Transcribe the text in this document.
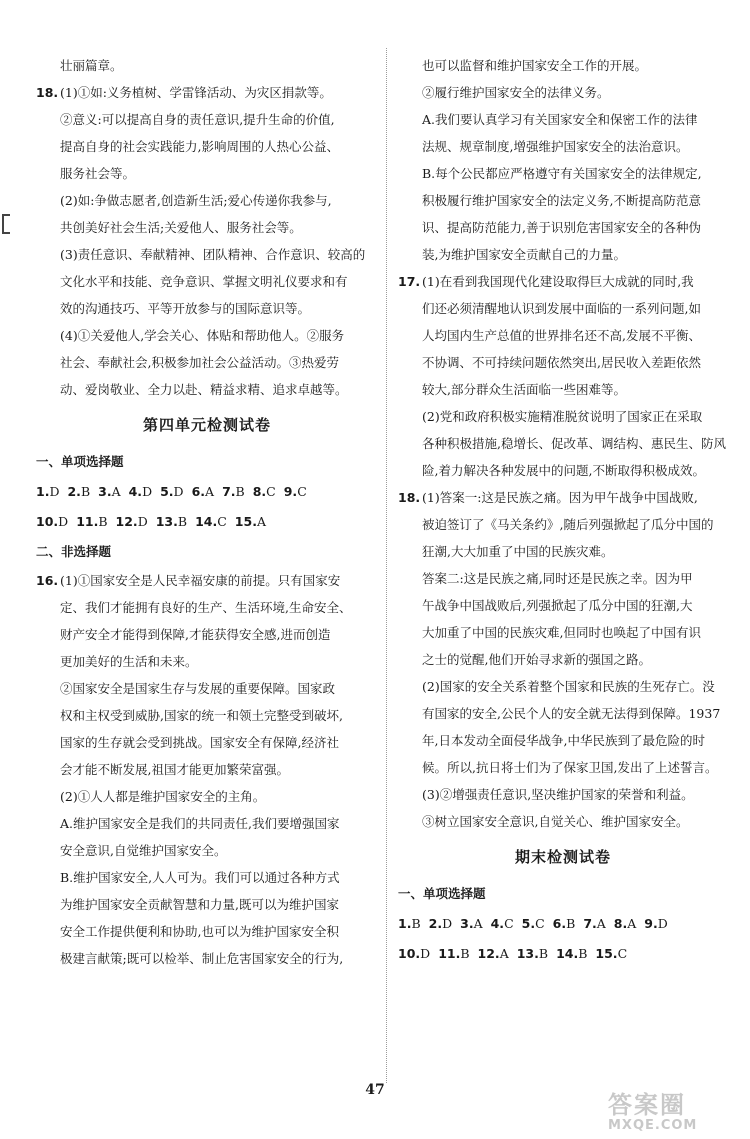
壮丽篇章。
18. (1)①如:义务植树、学雷锋活动、为灾区捐款等。
②意义:可以提高自身的责任意识,提升生命的价值,
提高自身的社会实践能力,影响周围的人热心公益、
服务社会等。
(2)如:争做志愿者,创造新生活;爱心传递你我参与,
共创美好社会生活;关爱他人、服务社会等。
(3)责任意识、奉献精神、团队精神、合作意识、较高的
文化水平和技能、竞争意识、掌握文明礼仪要求和有
效的沟通技巧、平等开放参与的国际意识等。
(4)①关爱他人,学会关心、体贴和帮助他人。②服务
社会、奉献社会,积极参加社会公益活动。③热爱劳
动、爱岗敬业、全力以赴、精益求精、追求卓越等。
第四单元检测试卷
一、单项选择题
1.D 2.B 3.A 4.D 5.D 6.A 7.B 8.C 9.C
10.D 11.B 12.D 13.B 14.C 15.A
二、非选择题
16. (1)①国家安全是人民幸福安康的前提。只有国家安
定、我们才能拥有良好的生产、生活环境,生命安全、
财产安全才能得到保障,才能获得安全感,进而创造
更加美好的生活和未来。
②国家安全是国家生存与发展的重要保障。国家政
权和主权受到威胁,国家的统一和领土完整受到破坏,
国家的生存就会受到挑战。国家安全有保障,经济社
会才能不断发展,祖国才能更加繁荣富强。
(2)①人人都是维护国家安全的主角。
A.维护国家安全是我们的共同责任,我们要增强国家
安全意识,自觉维护国家安全。
B.维护国家安全,人人可为。我们可以通过各种方式
为维护国家安全贡献智慧和力量,既可以为维护国家
安全工作提供便利和协助,也可以为维护国家安全积
极建言献策;既可以检举、制止危害国家安全的行为,
也可以监督和维护国家安全工作的开展。
②履行维护国家安全的法律义务。
A.我们要认真学习有关国家安全和保密工作的法律
法规、规章制度,增强维护国家安全的法治意识。
B.每个公民都应严格遵守有关国家安全的法律规定,
积极履行维护国家安全的法定义务,不断提高防范意
识、提高防范能力,善于识别危害国家安全的各种伪
装,为维护国家安全贡献自己的力量。
17. (1)在看到我国现代化建设取得巨大成就的同时,我
们还必须清醒地认识到发展中面临的一系列问题,如
人均国内生产总值的世界排名还不高,发展不平衡、
不协调、不可持续问题依然突出,居民收入差距依然
较大,部分群众生活面临一些困难等。
(2)党和政府积极实施精准脱贫说明了国家正在采取
各种积极措施,稳增长、促改革、调结构、惠民生、防风
险,着力解决各种发展中的问题,不断取得积极成效。
18. (1)答案一:这是民族之痛。因为甲午战争中国战败,
被迫签订了《马关条约》,随后列强掀起了瓜分中国的
狂潮,大大加重了中国的民族灾难。
答案二:这是民族之痛,同时还是民族之幸。因为甲
午战争中国战败后,列强掀起了瓜分中国的狂潮,大
大加重了中国的民族灾难,但同时也唤起了中国有识
之士的觉醒,他们开始寻求新的强国之路。
(2)国家的安全关系着整个国家和民族的生死存亡。没
有国家的安全,公民个人的安全就无法得到保障。1937
年,日本发动全面侵华战争,中华民族到了最危险的时
候。所以,抗日将士们为了保家卫国,发出了上述誓言。
(3)②增强责任意识,坚决维护国家的荣誉和利益。
③树立国家安全意识,自觉关心、维护国家安全。
期末检测试卷
一、单项选择题
1.B 2.D 3.A 4.C 5.C 6.B 7.A 8.A 9.D
10.D 11.B 12.A 13.B 14.B 15.C
47
答案圈
MXQE.COM
